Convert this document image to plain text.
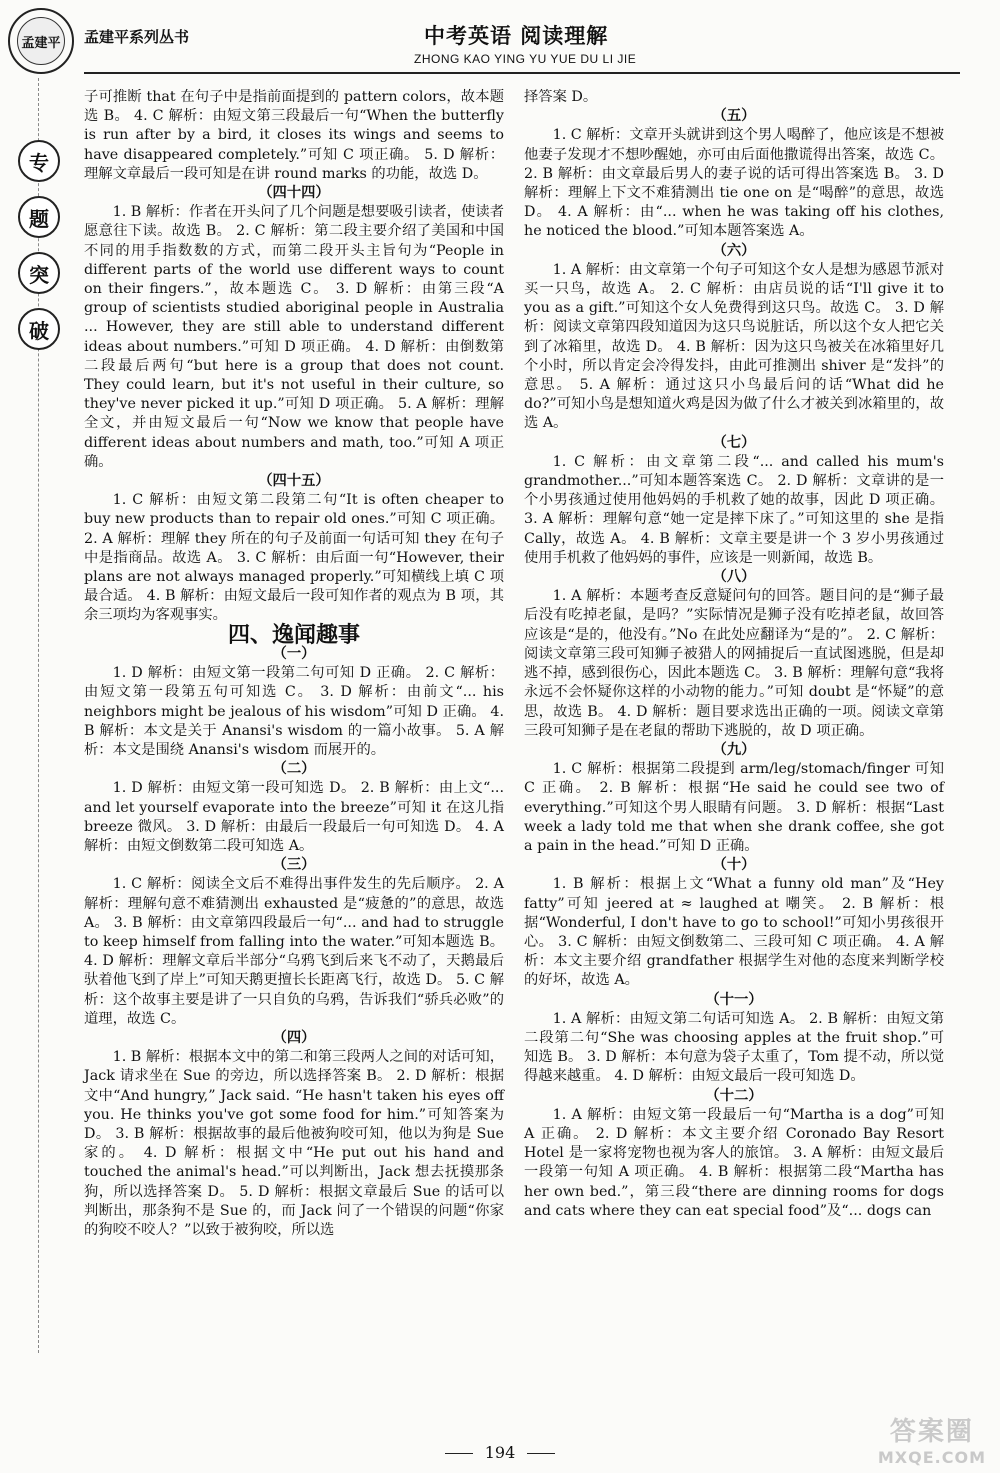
孟建平	孟建平系列丛书	中考英语 阅读理解
ZHONG KAO YING YU YUE DU LI JIE
专
题
突
破

子可推断 that 在句子中是指前面提到的 pattern colors，故本题选 B。 4. C 解析：由短文第三段最后一句“When the butterfly is run after by a bird, it closes its wings and seems to have disappeared completely.”可知 C 项正确。 5. D 解析：理解文章最后一段可知是在讲 round marks 的功能，故选 D。

（四十四）

1. B 解析：作者在开头问了几个问题是想要吸引读者，使读者愿意往下读。故选 B。 2. C 解析：第二段主要介绍了美国和中国不同的用手指数数的方式，而第二段开头主旨句为“People in different parts of the world use different ways to count on their fingers.”，故本题选 C。 3. D 解析：由第三段“A group of scientists studied aboriginal people in Australia ... However, they are still able to understand different ideas about numbers.”可知 D 项正确。 4. D 解析：由倒数第二段最后两句“but here is a group that does not count. They could learn, but it's not useful in their culture, so they've never picked it up.”可知 D 项正确。 5. A 解析：理解全文，并由短文最后一句“Now we know that people have different ideas about numbers and math, too.”可知 A 项正确。

（四十五）

1. C 解析：由短文第二段第二句“It is often cheaper to buy new products than to repair old ones.”可知 C 项正确。 2. A 解析：理解 they 所在的句子及前面一句话可知 they 在句子中是指商品。故选 A。 3. C 解析：由后面一句“However, their plans are not always managed properly.”可知横线上填 C 项最合适。 4. B 解析：由短文最后一段可知作者的观点为 B 项，其余三项均为客观事实。

四、逸闻趣事

（一）

1. D 解析：由短文第一段第二句可知 D 正确。 2. C 解析：由短文第一段第五句可知选 C。 3. D 解析：由前文“... his neighbors might be jealous of his wisdom”可知 D 正确。 4. B 解析：本文是关于 Anansi's wisdom 的一篇小故事。 5. A 解析：本文是围绕 Anansi's wisdom 而展开的。

（二）

1. D 解析：由短文第一段可知选 D。 2. B 解析：由上文“... and let yourself evaporate into the breeze”可知 it 在这儿指 breeze 微风。 3. D 解析：由最后一段最后一句可知选 D。 4. A 解析：由短文倒数第二段可知选 A。

（三）

1. C 解析：阅读全文后不难得出事件发生的先后顺序。 2. A 解析：理解句意不难猜测出 exhausted 是“疲惫的”的意思，故选 A。 3. B 解析：由文章第四段最后一句“... and had to struggle to keep himself from falling into the water.”可知本题选 B。 4. D 解析：理解文章后半部分“乌鸦飞到后来飞不动了，天鹅最后驮着他飞到了岸上”可知天鹅更擅长长距离飞行，故选 D。 5. C 解析：这个故事主要是讲了一只自负的乌鸦，告诉我们“骄兵必败”的道理，故选 C。

（四）

1. B 解析：根据本文中的第二和第三段两人之间的对话可知，Jack 请求坐在 Sue 的旁边，所以选择答案 B。 2. D 解析：根据文中“And hungry,” Jack said. “He hasn't taken his eyes off you. He thinks you've got some food for him.”可知答案为 D。 3. B 解析：根据故事的最后他被狗咬可知，他以为狗是 Sue 家的。 4. D 解析：根据文中“He put out his hand and touched the animal's head.”可以判断出，Jack 想去抚摸那条狗，所以选择答案 D。 5. D 解析：根据文章最后 Sue 的话可以判断出，那条狗不是 Sue 的，而 Jack 问了一个错误的问题“你家的狗咬不咬人？”以致于被狗咬，所以选

择答案 D。

（五）

1. C 解析：文章开头就讲到这个男人喝醉了，他应该是不想被他妻子发现才不想吵醒她，亦可由后面他撒谎得出答案，故选 C。 2. B 解析：由文章最后男人的妻子说的话可得出答案选 B。 3. D 解析：理解上下文不难猜测出 tie one on 是“喝醉”的意思，故选 D。 4. A 解析：由“... when he was taking off his clothes, he noticed the blood.”可知本题答案选 A。

（六）

1. A 解析：由文章第一个句子可知这个女人是想为感恩节派对买一只鸟，故选 A。 2. C 解析：由店员说的话“I'll give it to you as a gift.”可知这个女人免费得到这只鸟。故选 C。 3. D 解析：阅读文章第四段知道因为这只鸟说脏话，所以这个女人把它关到了冰箱里，故选 D。 4. B 解析：因为这只鸟被关在冰箱里好几个小时，所以肯定会冷得发抖，由此可推测出 shiver 是“发抖”的意思。 5. A 解析：通过这只小鸟最后问的话“What did he do?”可知小鸟是想知道火鸡是因为做了什么才被关到冰箱里的，故选 A。

（七）

1. C 解析：由文章第二段“... and called his mum's grandmother...”可知本题答案选 C。 2. D 解析：文章讲的是一个小男孩通过使用他妈妈的手机救了她的故事，因此 D 项正确。 3. A 解析：理解句意“她一定是摔下床了。”可知这里的 she 是指 Cally，故选 A。 4. B 解析：文章主要是讲一个 3 岁小男孩通过使用手机救了他妈妈的事件，应该是一则新闻，故选 B。

（八）

1. A 解析：本题考查反意疑问句的回答。题目问的是“狮子最后没有吃掉老鼠，是吗？”实际情况是狮子没有吃掉老鼠，故回答应该是“是的，他没有。”No 在此处应翻译为“是的”。 2. C 解析：阅读文章第三段可知狮子被猎人的网捕捉后一直试图逃脱，但是却逃不掉，感到很伤心，因此本题选 C。 3. B 解析：理解句意“我将永远不会怀疑你这样的小动物的能力。”可知 doubt 是“怀疑”的意思，故选 B。 4. D 解析：题目要求选出正确的一项。阅读文章第三段可知狮子是在老鼠的帮助下逃脱的，故 D 项正确。

（九）

1. C 解析：根据第二段提到 arm/leg/stomach/finger 可知 C 正确。 2. B 解析：根据“He said he could see two of everything.”可知这个男人眼睛有问题。 3. D 解析：根据“Last week a lady told me that when she drank coffee, she got a pain in the head.”可知 D 正确。

（十）

1. B 解析：根据上文“What a funny old man”及“Hey fatty”可知 jeered at ≈ laughed at 嘲笑。 2. B 解析：根据“Wonderful, I don't have to go to school!”可知小男孩很开心。 3. C 解析：由短文倒数第二、三段可知 C 项正确。 4. A 解析：本文主要介绍 grandfather 根据学生对他的态度来判断学校的好坏，故选 A。

（十一）

1. A 解析：由短文第二句话可知选 A。 2. B 解析：由短文第二段第二句“She was choosing apples at the fruit shop.”可知选 B。 3. D 解析：本句意为袋子太重了，Tom 提不动，所以觉得越来越重。 4. D 解析：由短文最后一段可知选 D。

（十二）

1. A 解析：由短文第一段最后一句“Martha is a dog”可知 A 正确。 2. D 解析：本文主要介绍 Coronado Bay Resort Hotel 是一家将宠物也视为客人的旅馆。 3. A 解析：由短文最后一段第一句知 A 项正确。 4. B 解析：根据第二段“Martha has her own bed.”，第三段“there are dinning rooms for dogs and cats where they can eat special food”及“... dogs can

194
答案圈
MXQE.COM
